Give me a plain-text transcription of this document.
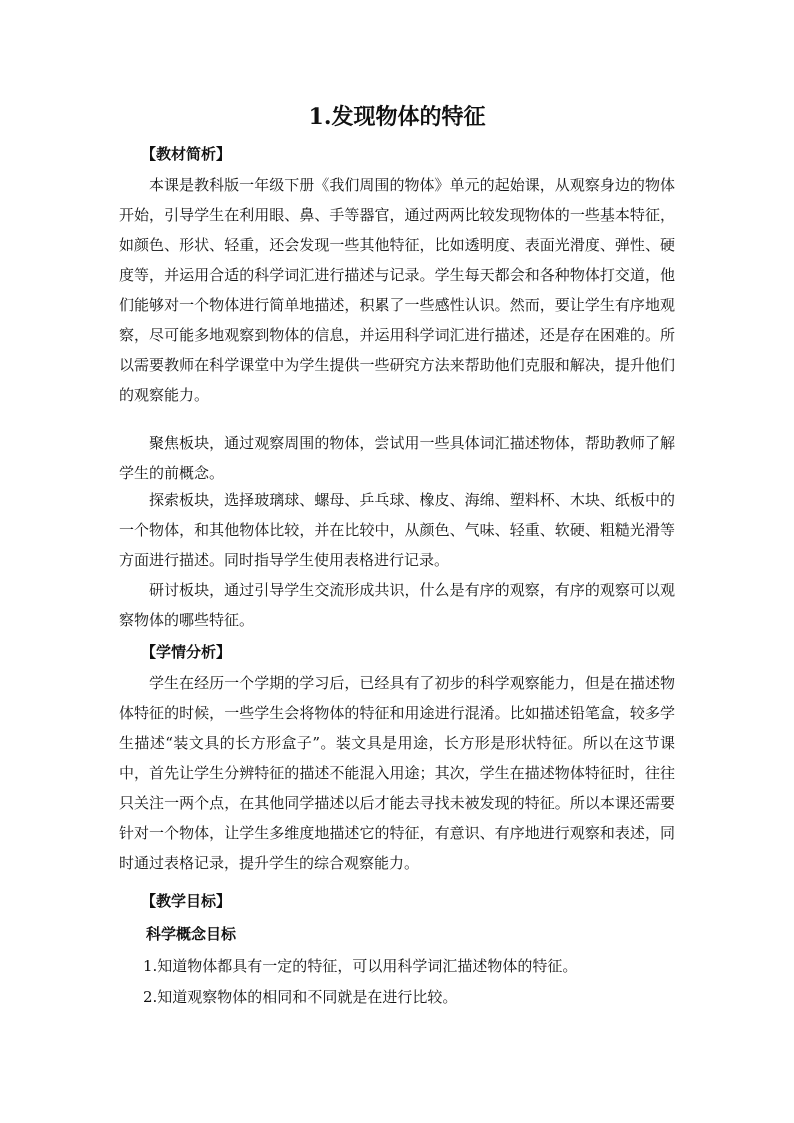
1.发现物体的特征
【教材简析】

本课是教科版一年级下册《我们周围的物体》单元的起始课，从观察身边的物体开始，引导学生在利用眼、鼻、手等器官，通过两两比较发现物体的一些基本特征，如颜色、形状、轻重，还会发现一些其他特征，比如透明度、表面光滑度、弹性、硬度等，并运用合适的科学词汇进行描述与记录。学生每天都会和各种物体打交道，他们能够对一个物体进行简单地描述，积累了一些感性认识。然而，要让学生有序地观察，尽可能多地观察到物体的信息，并运用科学词汇进行描述，还是存在困难的。所以需要教师在科学课堂中为学生提供一些研究方法来帮助他们克服和解决，提升他们的观察能力。

聚焦板块，通过观察周围的物体，尝试用一些具体词汇描述物体，帮助教师了解学生的前概念。

探索板块，选择玻璃球、螺母、乒乓球、橡皮、海绵、塑料杯、木块、纸板中的一个物体，和其他物体比较，并在比较中，从颜色、气味、轻重、软硬、粗糙光滑等方面进行描述。同时指导学生使用表格进行记录。

研讨板块，通过引导学生交流形成共识，什么是有序的观察，有序的观察可以观察物体的哪些特征。

【学情分析】

学生在经历一个学期的学习后，已经具有了初步的科学观察能力，但是在描述物体特征的时候，一些学生会将物体的特征和用途进行混淆。比如描述铅笔盒，较多学生描述“装文具的长方形盒子”。装文具是用途，长方形是形状特征。所以在这节课中，首先让学生分辨特征的描述不能混入用途；其次，学生在描述物体特征时，往往只关注一两个点，在其他同学描述以后才能去寻找未被发现的特征。所以本课还需要针对一个物体，让学生多维度地描述它的特征，有意识、有序地进行观察和表述，同时通过表格记录，提升学生的综合观察能力。

【教学目标】
科学概念目标
1.知道物体都具有一定的特征，可以用科学词汇描述物体的特征。
2.知道观察物体的相同和不同就是在进行比较。
